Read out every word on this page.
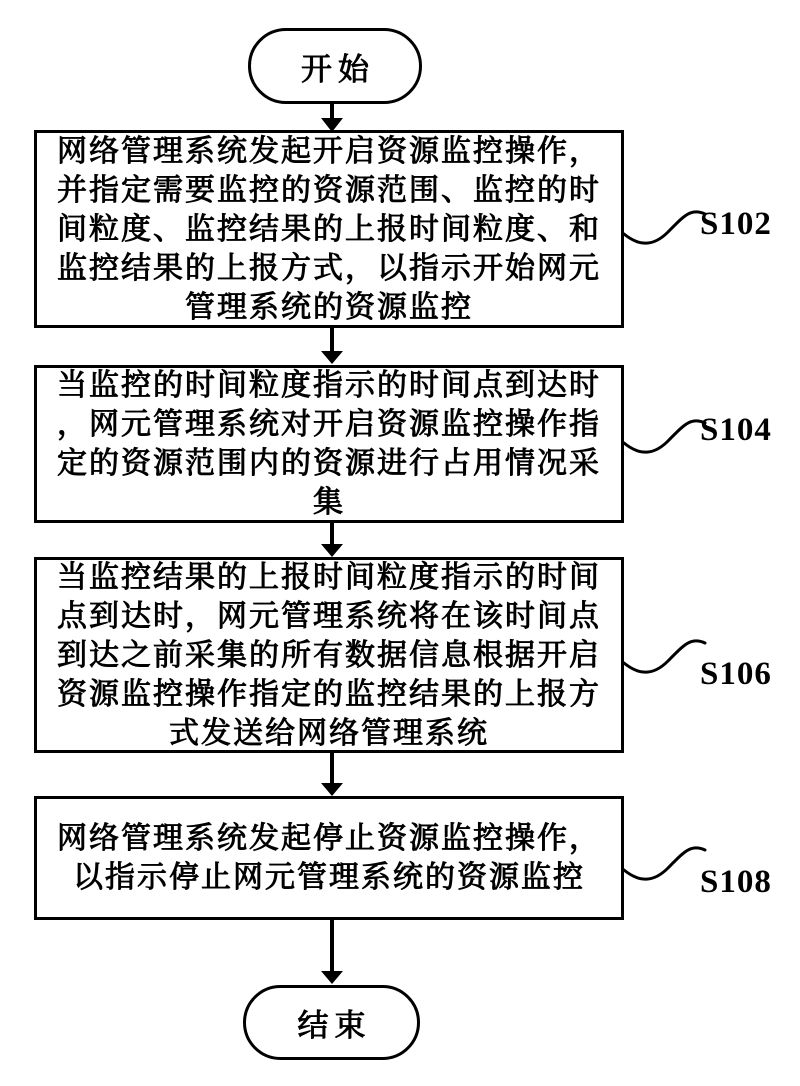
开始
网络管理系统发起开启资源监控操作，
并指定需要监控的资源范围、监控的时
间粒度、监控结果的上报时间粒度、和
监控结果的上报方式，以指示开始网元
管理系统的资源监控
S102
当监控的时间粒度指示的时间点到达时
，网元管理系统对开启资源监控操作指
定的资源范围内的资源进行占用情况采
集
S104
当监控结果的上报时间粒度指示的时间
点到达时，网元管理系统将在该时间点
到达之前采集的所有数据信息根据开启
资源监控操作指定的监控结果的上报方
式发送给网络管理系统
S106
网络管理系统发起停止资源监控操作，
以指示停止网元管理系统的资源监控	S108
结束
